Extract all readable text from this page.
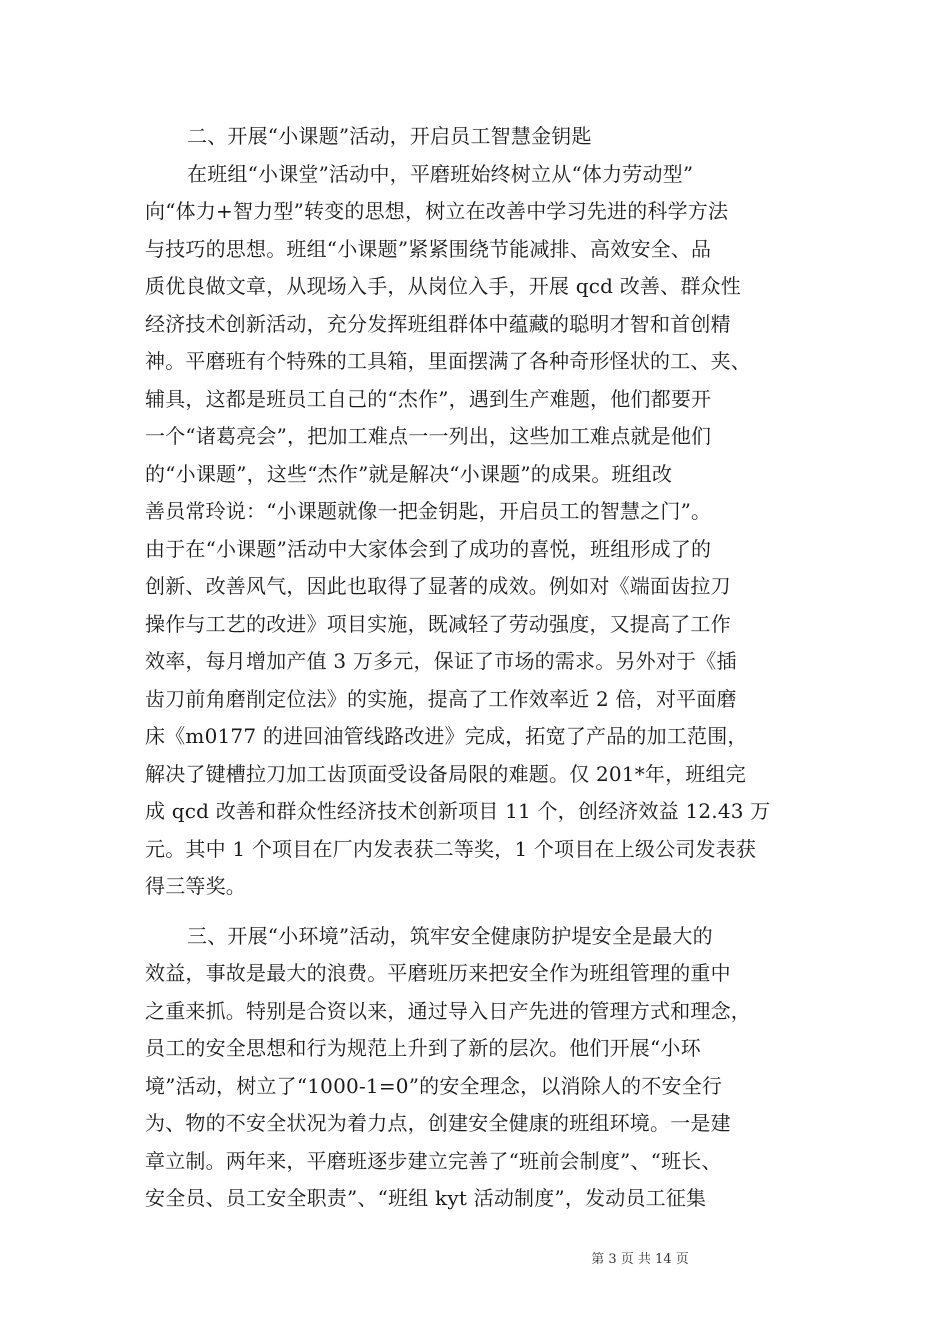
二、开展“小课题”活动，开启员工智慧金钥匙
在班组“小课堂”活动中，平磨班始终树立从“体力劳动型”
向“体力+智力型”转变的思想，树立在改善中学习先进的科学方法
与技巧的思想。班组“小课题”紧紧围绕节能减排、高效安全、品
质优良做文章，从现场入手，从岗位入手，开展 qcd 改善、群众性
经济技术创新活动，充分发挥班组群体中蕴藏的聪明才智和首创精
神。平磨班有个特殊的工具箱，里面摆满了各种奇形怪状的工、夹、
辅具，这都是班员工自己的“杰作”，遇到生产难题，他们都要开
一个“诸葛亮会”，把加工难点一一列出，这些加工难点就是他们
的“小课题”，这些“杰作”就是解决“小课题”的成果。班组改
善员常玲说：“小课题就像一把金钥匙，开启员工的智慧之门”。
由于在“小课题”活动中大家体会到了成功的喜悦，班组形成了的
创新、改善风气，因此也取得了显著的成效。例如对《端面齿拉刀
操作与工艺的改进》项目实施，既减轻了劳动强度，又提高了工作
效率，每月增加产值 3 万多元，保证了市场的需求。另外对于《插
齿刀前角磨削定位法》的实施，提高了工作效率近 2 倍，对平面磨
床《m0177 的进回油管线路改进》完成，拓宽了产品的加工范围，
解决了键槽拉刀加工齿顶面受设备局限的难题。仅 201*年，班组完
成 qcd 改善和群众性经济技术创新项目 11 个，创经济效益 12.43 万
元。其中 1 个项目在厂内发表获二等奖，1 个项目在上级公司发表获
得三等奖。
三、开展“小环境”活动，筑牢安全健康防护堤安全是最大的
效益，事故是最大的浪费。平磨班历来把安全作为班组管理的重中
之重来抓。特别是合资以来，通过导入日产先进的管理方式和理念，
员工的安全思想和行为规范上升到了新的层次。他们开展“小环
境”活动，树立了“1000-1=0”的安全理念，以消除人的不安全行
为、物的不安全状况为着力点，创建安全健康的班组环境。一是建
章立制。两年来，平磨班逐步建立完善了“班前会制度”、“班长、
安全员、员工安全职责”、“班组 kyt 活动制度”，发动员工征集
第 3 页 共 14 页
